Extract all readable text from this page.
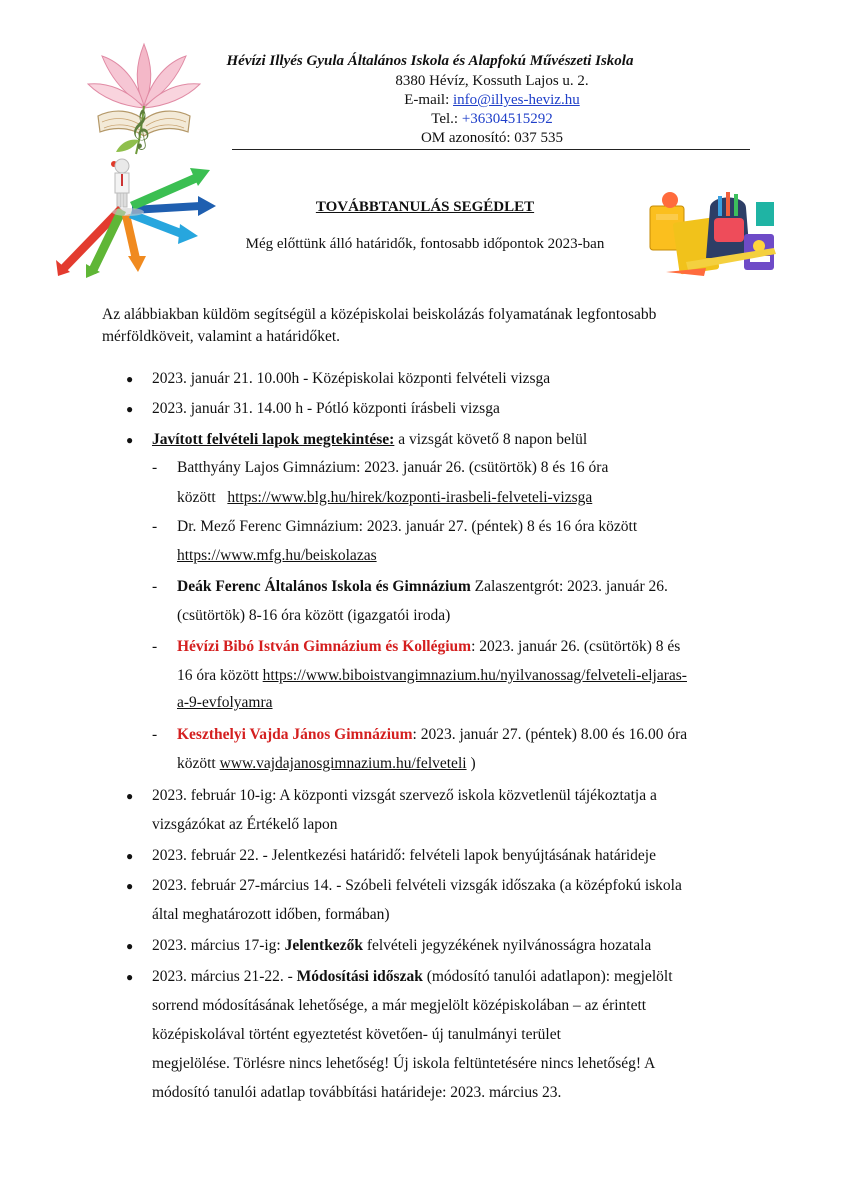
𝄞
Hévízi Illyés Gyula Általános Iskola és Alapfokú Művészeti Iskola
8380 Hévíz, Kossuth Lajos u. 2.
E-mail: info@illyes-heviz.hu
Tel.: +36304515292
OM azonosító: 037 535
TOVÁBBTANULÁS SEGÉDLET
Még előttünk álló határidők, fontosabb időpontok 2023-ban
Az alábbiakban küldöm segítségül a középiskolai beiskolázás folyamatának legfontosabb
mérföldköveit, valamint a határidőket.
● 2023. január 21. 10.00h - Középiskolai központi felvételi vizsga
● 2023. január 31. 14.00 h - Pótló központi írásbeli vizsga
● Javított felvételi lapok megtekintése: a vizsgát követő 8 napon belül
- Batthyány Lajos Gimnázium: 2023. január 26. (csütörtök) 8 és 16 óra
között   https://www.blg.hu/hirek/kozponti-irasbeli-felveteli-vizsga
- Dr. Mező Ferenc Gimnázium: 2023. január 27. (péntek) 8 és 16 óra között
https://www.mfg.hu/beiskolazas
- Deák Ferenc Általános Iskola és Gimnázium Zalaszentgrót: 2023. január 26.
(csütörtök) 8-16 óra között (igazgatói iroda)
- Hévízi Bibó István Gimnázium és Kollégium: 2023. január 26. (csütörtök) 8 és
16 óra között https://www.biboistvangimnazium.hu/nyilvanossag/felveteli-eljaras-
a-9-evfolyamra
- Keszthelyi Vajda János Gimnázium: 2023. január 27. (péntek) 8.00 és 16.00 óra
között www.vajdajanosgimnazium.hu/felveteli )
● 2023. február 10-ig: A központi vizsgát szervező iskola közvetlenül tájékoztatja a
vizsgázókat az Értékelő lapon
● 2023. február 22. - Jelentkezési határidő: felvételi lapok benyújtásának határideje
● 2023. február 27-március 14. - Szóbeli felvételi vizsgák időszaka (a középfokú iskola
által meghatározott időben, formában)
● 2023. március 17-ig: Jelentkezők felvételi jegyzékének nyilvánosságra hozatala
● 2023. március 21-22. - Módosítási időszak (módosító tanulói adatlapon): megjelölt
sorrend módosításának lehetősége, a már megjelölt középiskolában – az érintett
középiskolával történt egyeztetést követően- új tanulmányi terület
megjelölése. Törlésre nincs lehetőség! Új iskola feltüntetésére nincs lehetőség! A
módosító tanulói adatlap továbbítási határideje: 2023. március 23.
